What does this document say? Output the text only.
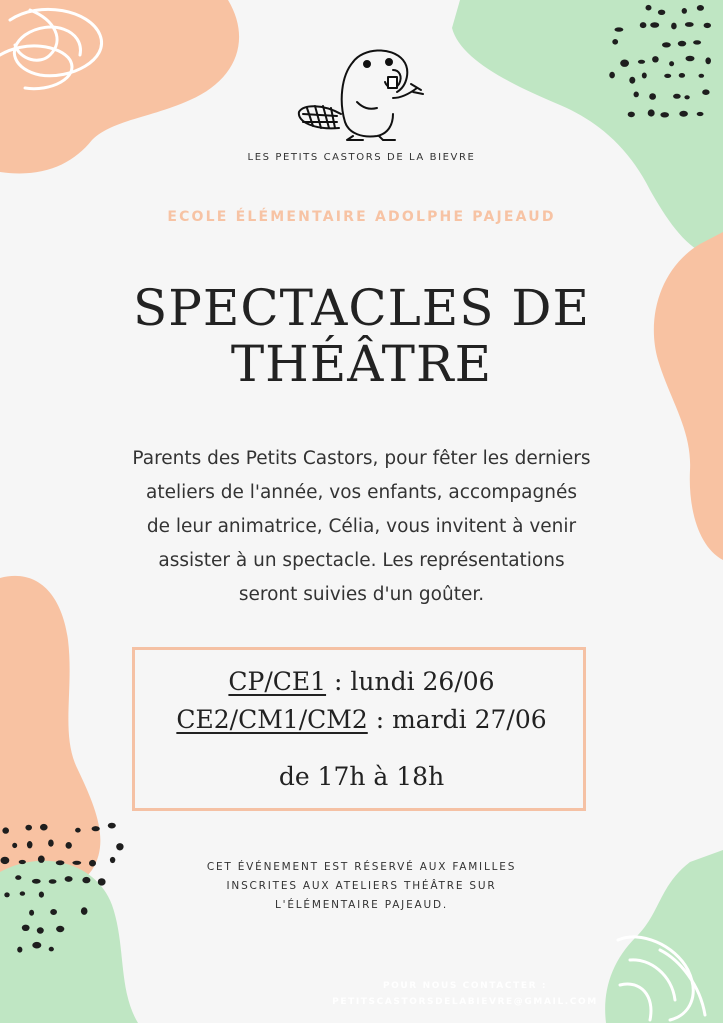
LES PETITS CASTORS DE LA BIEVRE
ECOLE ÉLÉMENTAIRE ADOLPHE PAJEAUD
SPECTACLES DE
THÉÂTRE
Parents des Petits Castors, pour fêter les derniers
ateliers de l'année, vos enfants, accompagnés
de leur animatrice, Célia, vous invitent à venir
assister à un spectacle. Les représentations
seront suivies d'un goûter.
CP/CE1 : lundi 26/06
CE2/CM1/CM2 : mardi 27/06
de 17h à 18h
CET ÉVÉNEMENT EST RÉSERVÉ AUX FAMILLES
INSCRITES AUX ATELIERS THÉÂTRE SUR
L'ÉLÉMENTAIRE PAJEAUD.
POUR NOUS CONTACTER :
PETITSCASTORSDELABIEVRE@GMAIL.COM
